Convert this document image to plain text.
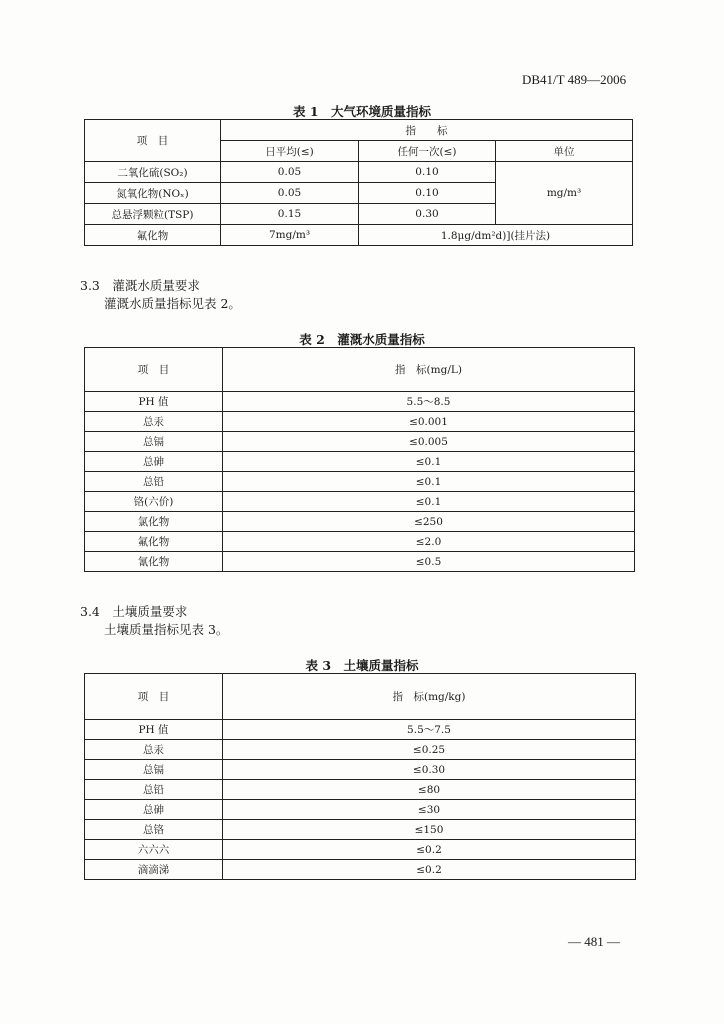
DB41/T 489—2006
表 1　大气环境质量指标
项　目	指　　标		
	日平均(≤)	任何一次(≤)	单位
二氧化硫(SO₂)	0.05	0.10	mg/m³
氮氧化物(NOₓ)	0.05	0.10	
总悬浮颗粒(TSP)	0.15	0.30	
氟化物	7mg/m³	1.8μg/dm²d)](挂片法)	
3.3　灌溉水质量要求
灌溉水质量指标见表 2。
表 2　灌溉水质量指标
项　目	指　标(mg/L)
PH 值	5.5～8.5
总汞	≤0.001
总镉	≤0.005
总砷	≤0.1
总铅	≤0.1
铬(六价)	≤0.1
氯化物	≤250
氟化物	≤2.0
氰化物	≤0.5
3.4　土壤质量要求
土壤质量指标见表 3。
表 3　土壤质量指标
项　目	指　标(mg/kg)
PH 值	5.5～7.5
总汞	≤0.25
总镉	≤0.30
总铅	≤80
总砷	≤30
总铬	≤150
六六六	≤0.2
滴滴涕	≤0.2
— 481 —
